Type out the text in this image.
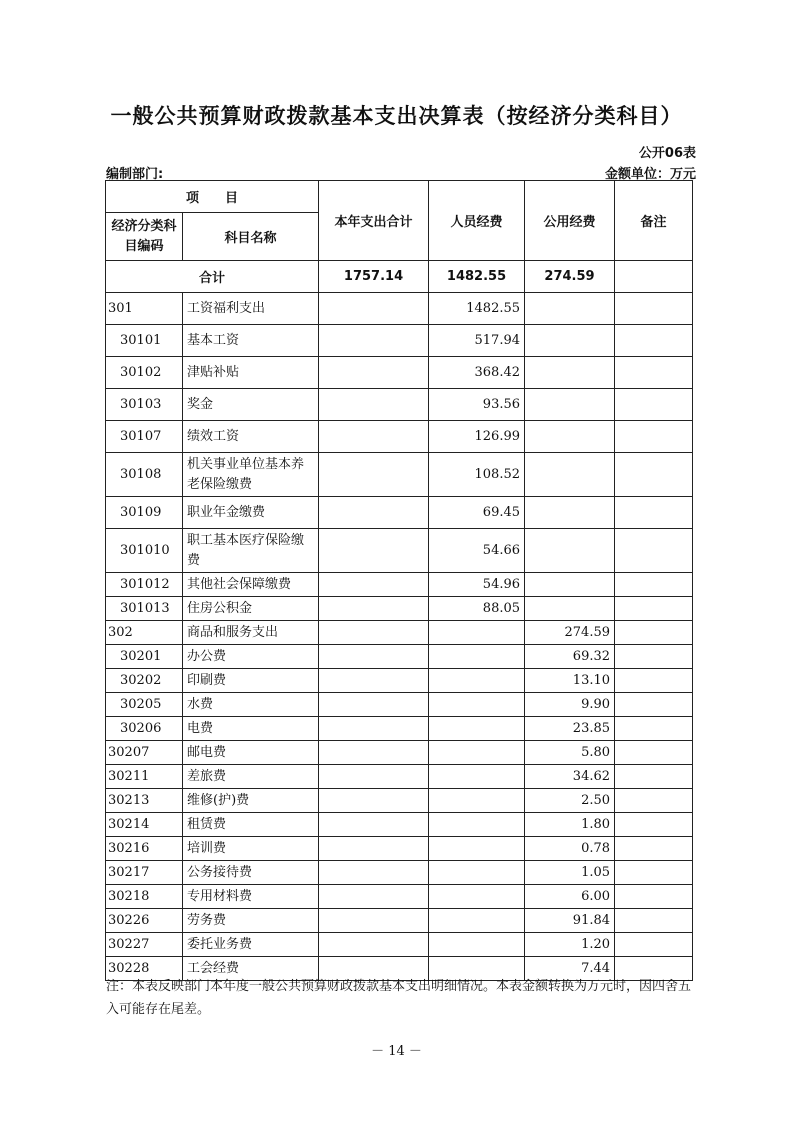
一般公共预算财政拨款基本支出决算表（按经济分类科目）
公开06表
编制部门:	金额单位：万元
项　　目		本年支出合计	人员经费	公用经费	备注
经济分类科目编码	科目名称				
合计		1757.14	1482.55	274.59	
301	工资福利支出		1482.55		
30101	基本工资		517.94		
30102	津贴补贴		368.42		
30103	奖金		93.56		
30107	绩效工资		126.99		
30108	机关事业单位基本养老保险缴费		108.52		
30109	职业年金缴费		69.45		
301010	职工基本医疗保险缴费		54.66		
301012	其他社会保障缴费		54.96		
301013	住房公积金		88.05		
302	商品和服务支出			274.59	
30201	办公费			69.32	
30202	印刷费			13.10	
30205	水费			9.90	
30206	电费			23.85	
30207	邮电费			5.80	
30211	差旅费			34.62	
30213	维修(护)费			2.50	
30214	租赁费			1.80	
30216	培训费			0.78	
30217	公务接待费			1.05	
30218	专用材料费			6.00	
30226	劳务费			91.84	
30227	委托业务费			1.20	
30228	工会经费			7.44	
注：本表反映部门本年度一般公共预算财政拨款基本支出明细情况。本表金额转换为万元时，因四舍五入可能存在尾差。
－ 14 －
